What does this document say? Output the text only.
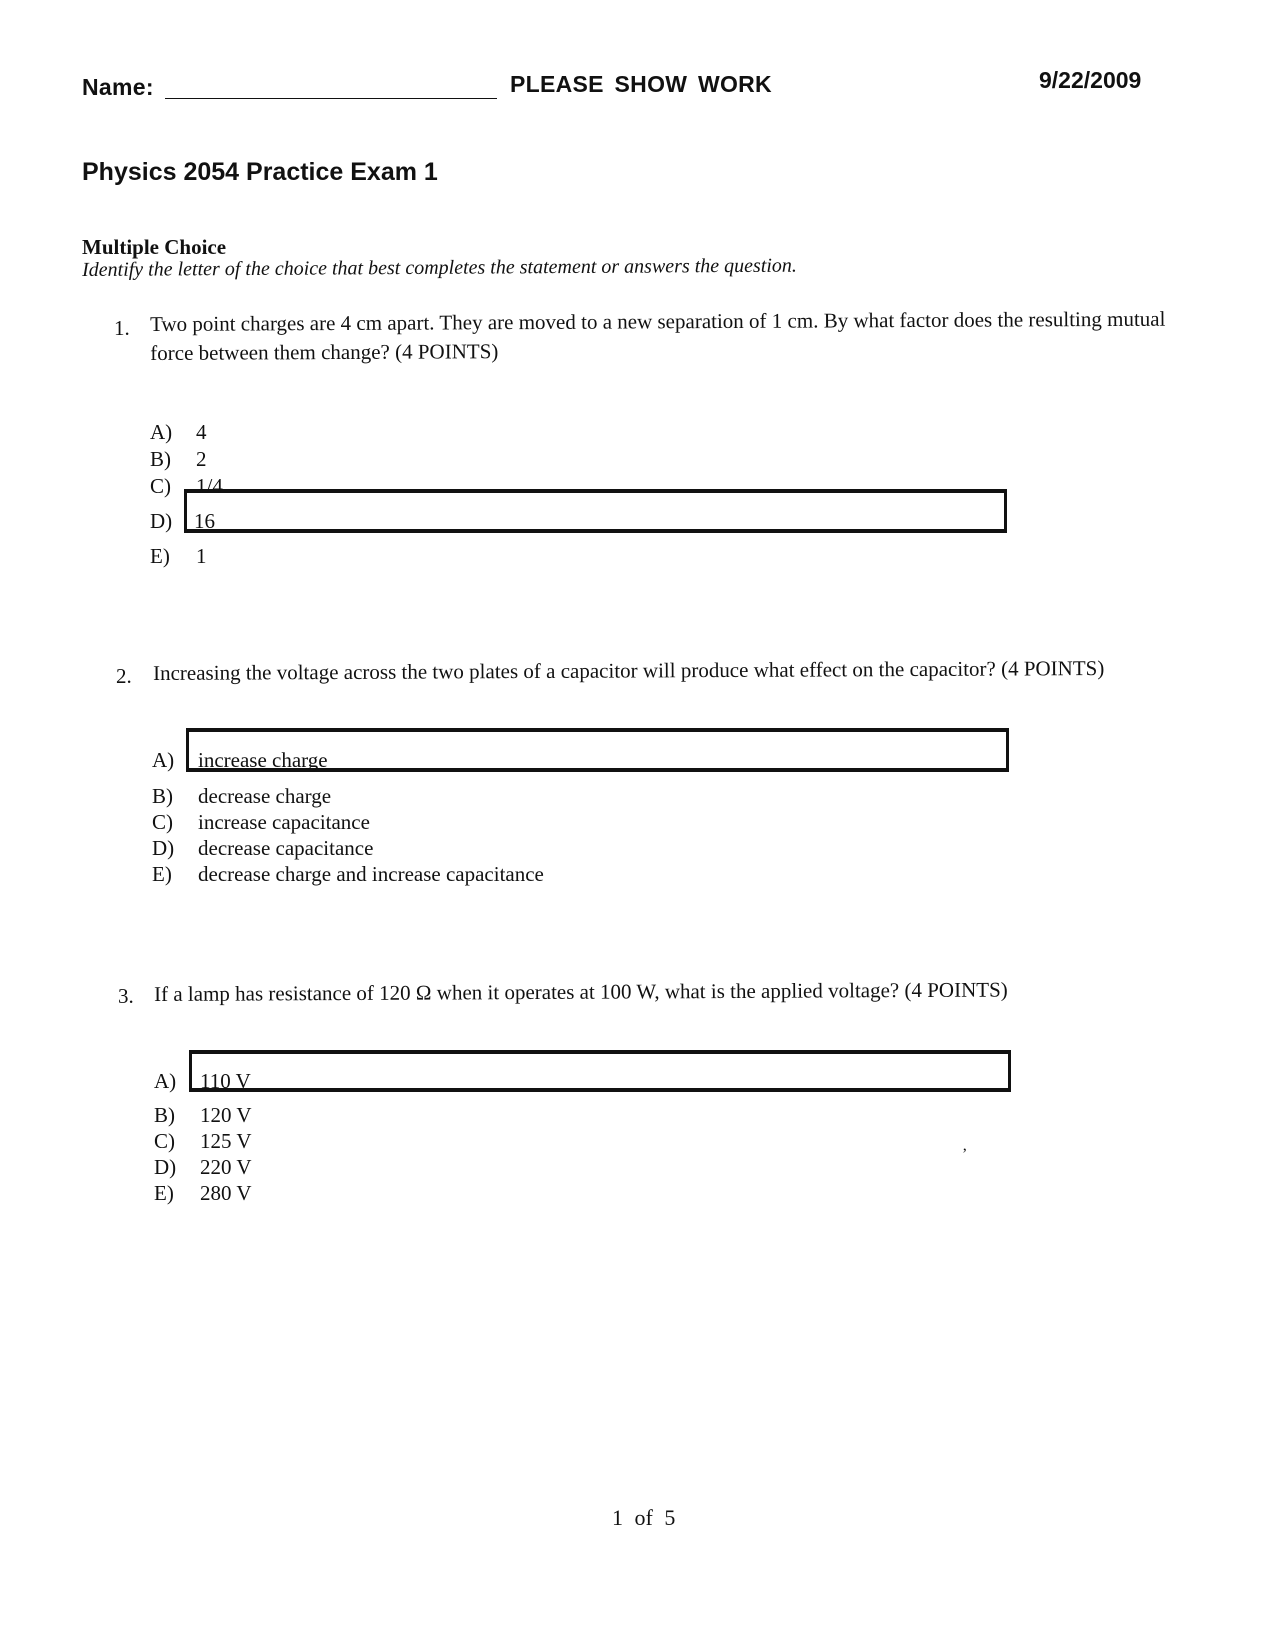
Name:	PLEASE SHOW WORK	9/22/2009
Physics 2054 Practice Exam 1
Multiple Choice
Identify the letter of the choice that best completes the statement or answers the question.
1. Two point charges are 4 cm apart. They are moved to a new separation of 1 cm. By what factor does the resulting mutual force between them change? (4 POINTS)
A) 4
B) 2
C) 1/4
D) 16
E) 1
2. Increasing the voltage across the two plates of a capacitor will produce what effect on the capacitor? (4 POINTS)
A) increase charge
B) decrease charge
C) increase capacitance
D) decrease capacitance
E) decrease charge and increase capacitance
3. If a lamp has resistance of 120 Ω when it operates at 100 W, what is the applied voltage? (4 POINTS)
A) 110 V
B) 120 V
C) 125 V
D) 220 V
E) 280 V
’
1 of 5
